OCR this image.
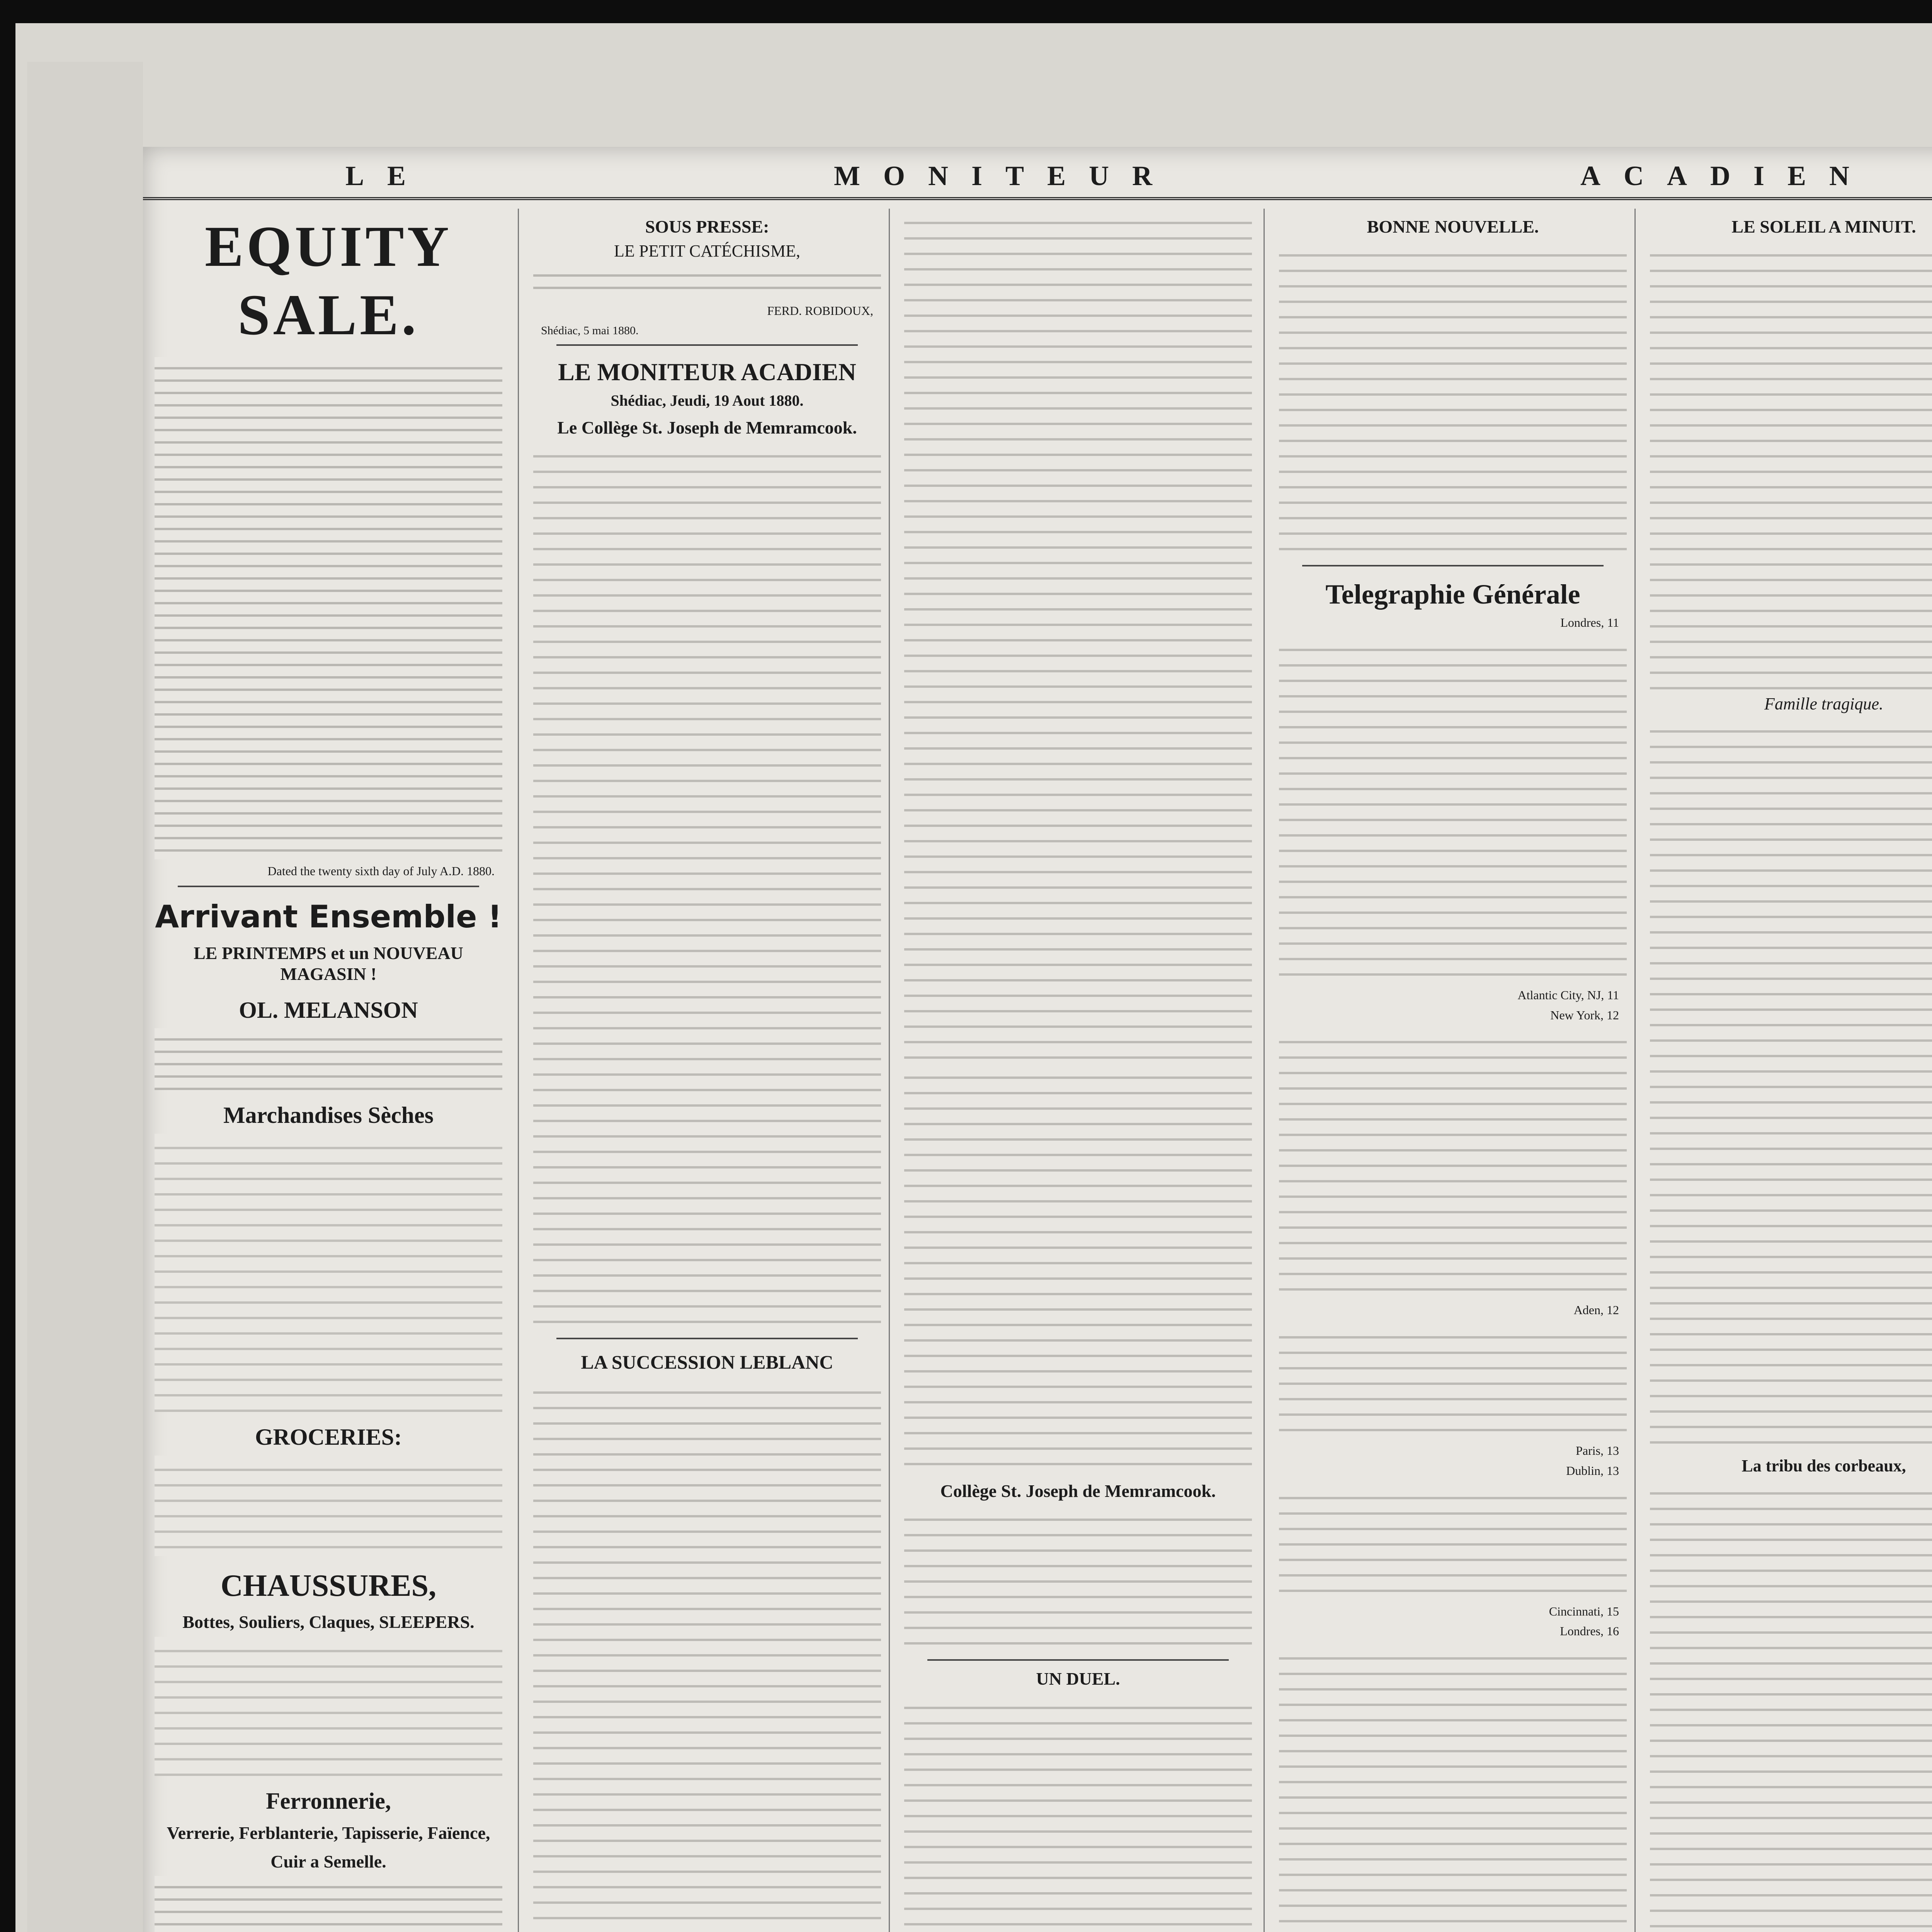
LE	MONITEUR	ACADIEN
EQUITY SALE.
Dated the twenty sixth day of July A.D. 1880.
Arrivant Ensemble !
LE PRINTEMPS et un NOUVEAU MAGASIN !
OL. MELANSON
Marchandises Sèches
GROCERIES:
CHAUSSURES,
Bottes, Souliers, Claques, SLEEPERS.
Ferronnerie,
Verrerie, Ferblanterie, Tapisserie, Faïence,
Cuir a Semelle.
SOUS PRESSE:
LE PETIT CATÉCHISME,
FERD. ROBIDOUX,
Shédiac, 5 mai 1880.
LE MONITEUR ACADIEN
Shédiac, Jeudi, 19 Aout 1880.
Le Collège St. Joseph de Memramcook.
LA SUCCESSION LEBLANC
Collège St. Joseph de Memramcook.
UN DUEL.
BONNE NOUVELLE.
Telegraphie Générale
Londres, 11
Atlantic City, NJ, 11
New York, 12
Aden, 12
Paris, 13
Dublin, 13
Cincinnati, 15
Londres, 16
LE SOLEIL A MINUIT.
Famille tragique.
La tribu des corbeaux,
